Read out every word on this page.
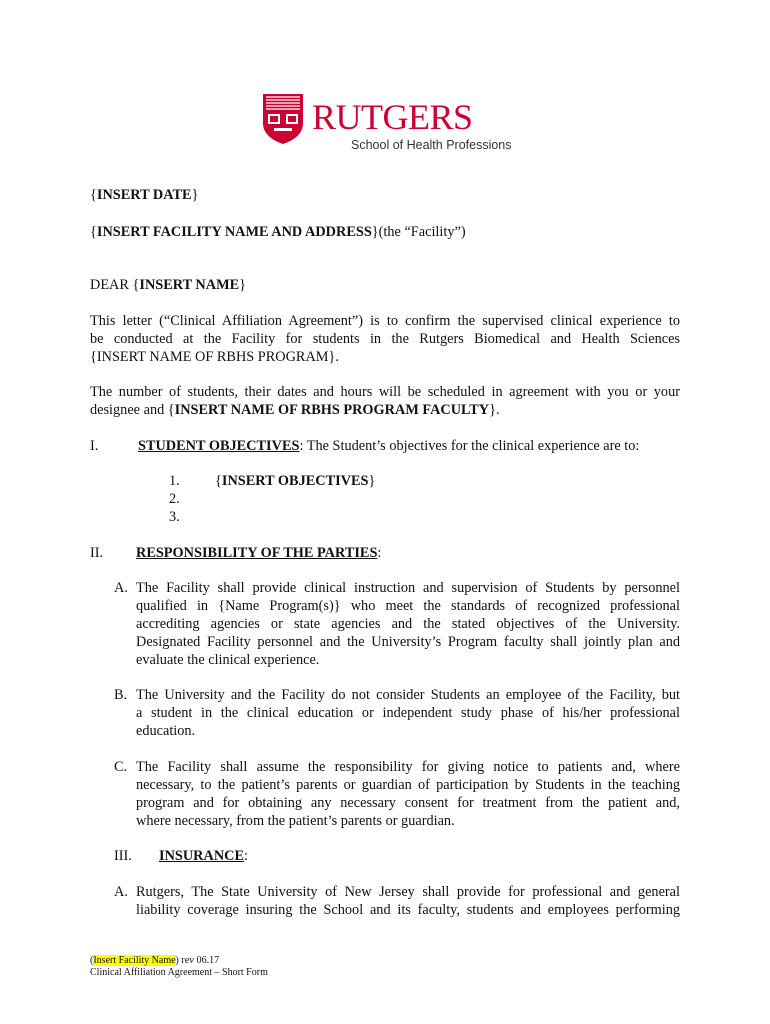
RUTGERS
School of Health Professions
{INSERT DATE}
{INSERT FACILITY NAME AND ADDRESS}(the “Facility”)
DEAR {INSERT NAME}
This letter (“Clinical Affiliation Agreement”) is to confirm the supervised clinical experience to
be conducted at the Facility for students in the Rutgers Biomedical and Health Sciences
{INSERT NAME OF RBHS PROGRAM}.
The number of students, their dates and hours will be scheduled in agreement with you or your
designee and {INSERT NAME OF RBHS PROGRAM FACULTY}.
I.	STUDENT OBJECTIVES: The Student’s objectives for the clinical experience are to:
1. {INSERT OBJECTIVES}
2.
3.
II. RESPONSIBILITY OF THE PARTIES:
A. The Facility shall provide clinical instruction and supervision of Students by personnel
qualified in {Name Program(s)} who meet the standards of recognized professional
accrediting agencies or state agencies and the stated objectives of the University.
Designated Facility personnel and the University’s Program faculty shall jointly plan and
evaluate the clinical experience.
B. The University and the Facility do not consider Students an employee of the Facility, but
a student in the clinical education or independent study phase of his/her professional
education.
C. The Facility shall assume the responsibility for giving notice to patients and, where
necessary, to the patient’s parents or guardian of participation by Students in the teaching
program and for obtaining any necessary consent for treatment from the patient and,
where necessary, from the patient’s parents or guardian.
III. INSURANCE:
A. Rutgers, The State University of New Jersey shall provide for professional and general
liability coverage insuring the School and its faculty, students and employees performing
(Insert Facility Name) rev 06.17
Clinical Affiliation Agreement – Short Form
